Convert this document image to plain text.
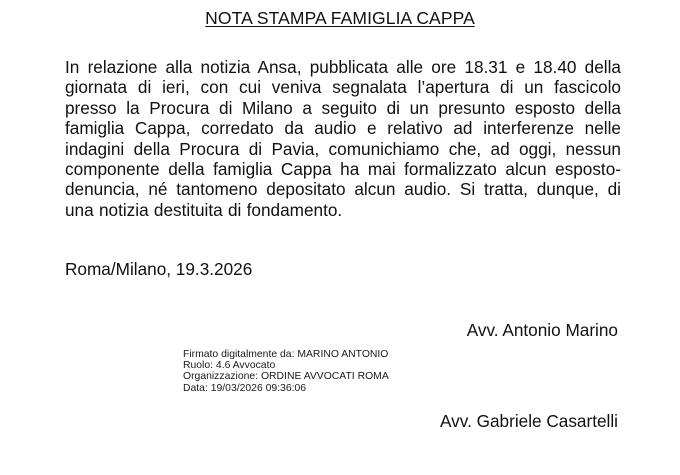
NOTA STAMPA FAMIGLIA CAPPA
In relazione alla notizia Ansa, pubblicata alle ore 18.31 e 18.40 della giornata di ieri, con cui veniva segnalata l’apertura di un fascicolo presso la Procura di Milano a seguito di un presunto esposto della famiglia Cappa, corredato da audio e relativo ad interferenze nelle indagini della Procura di Pavia, comunichiamo che, ad oggi, nessun componente della famiglia Cappa ha mai formalizzato alcun esposto-denuncia, né tantomeno depositato alcun audio. Si tratta, dunque, di una notizia destituita di fondamento.
Roma/Milano, 19.3.2026
Avv. Antonio Marino
Firmato digitalmente da: MARINO ANTONIO
Ruolo: 4.6 Avvocato
Organizzazione: ORDINE AVVOCATI ROMA
Data: 19/03/2026 09:36:06
Avv. Gabriele Casartelli
